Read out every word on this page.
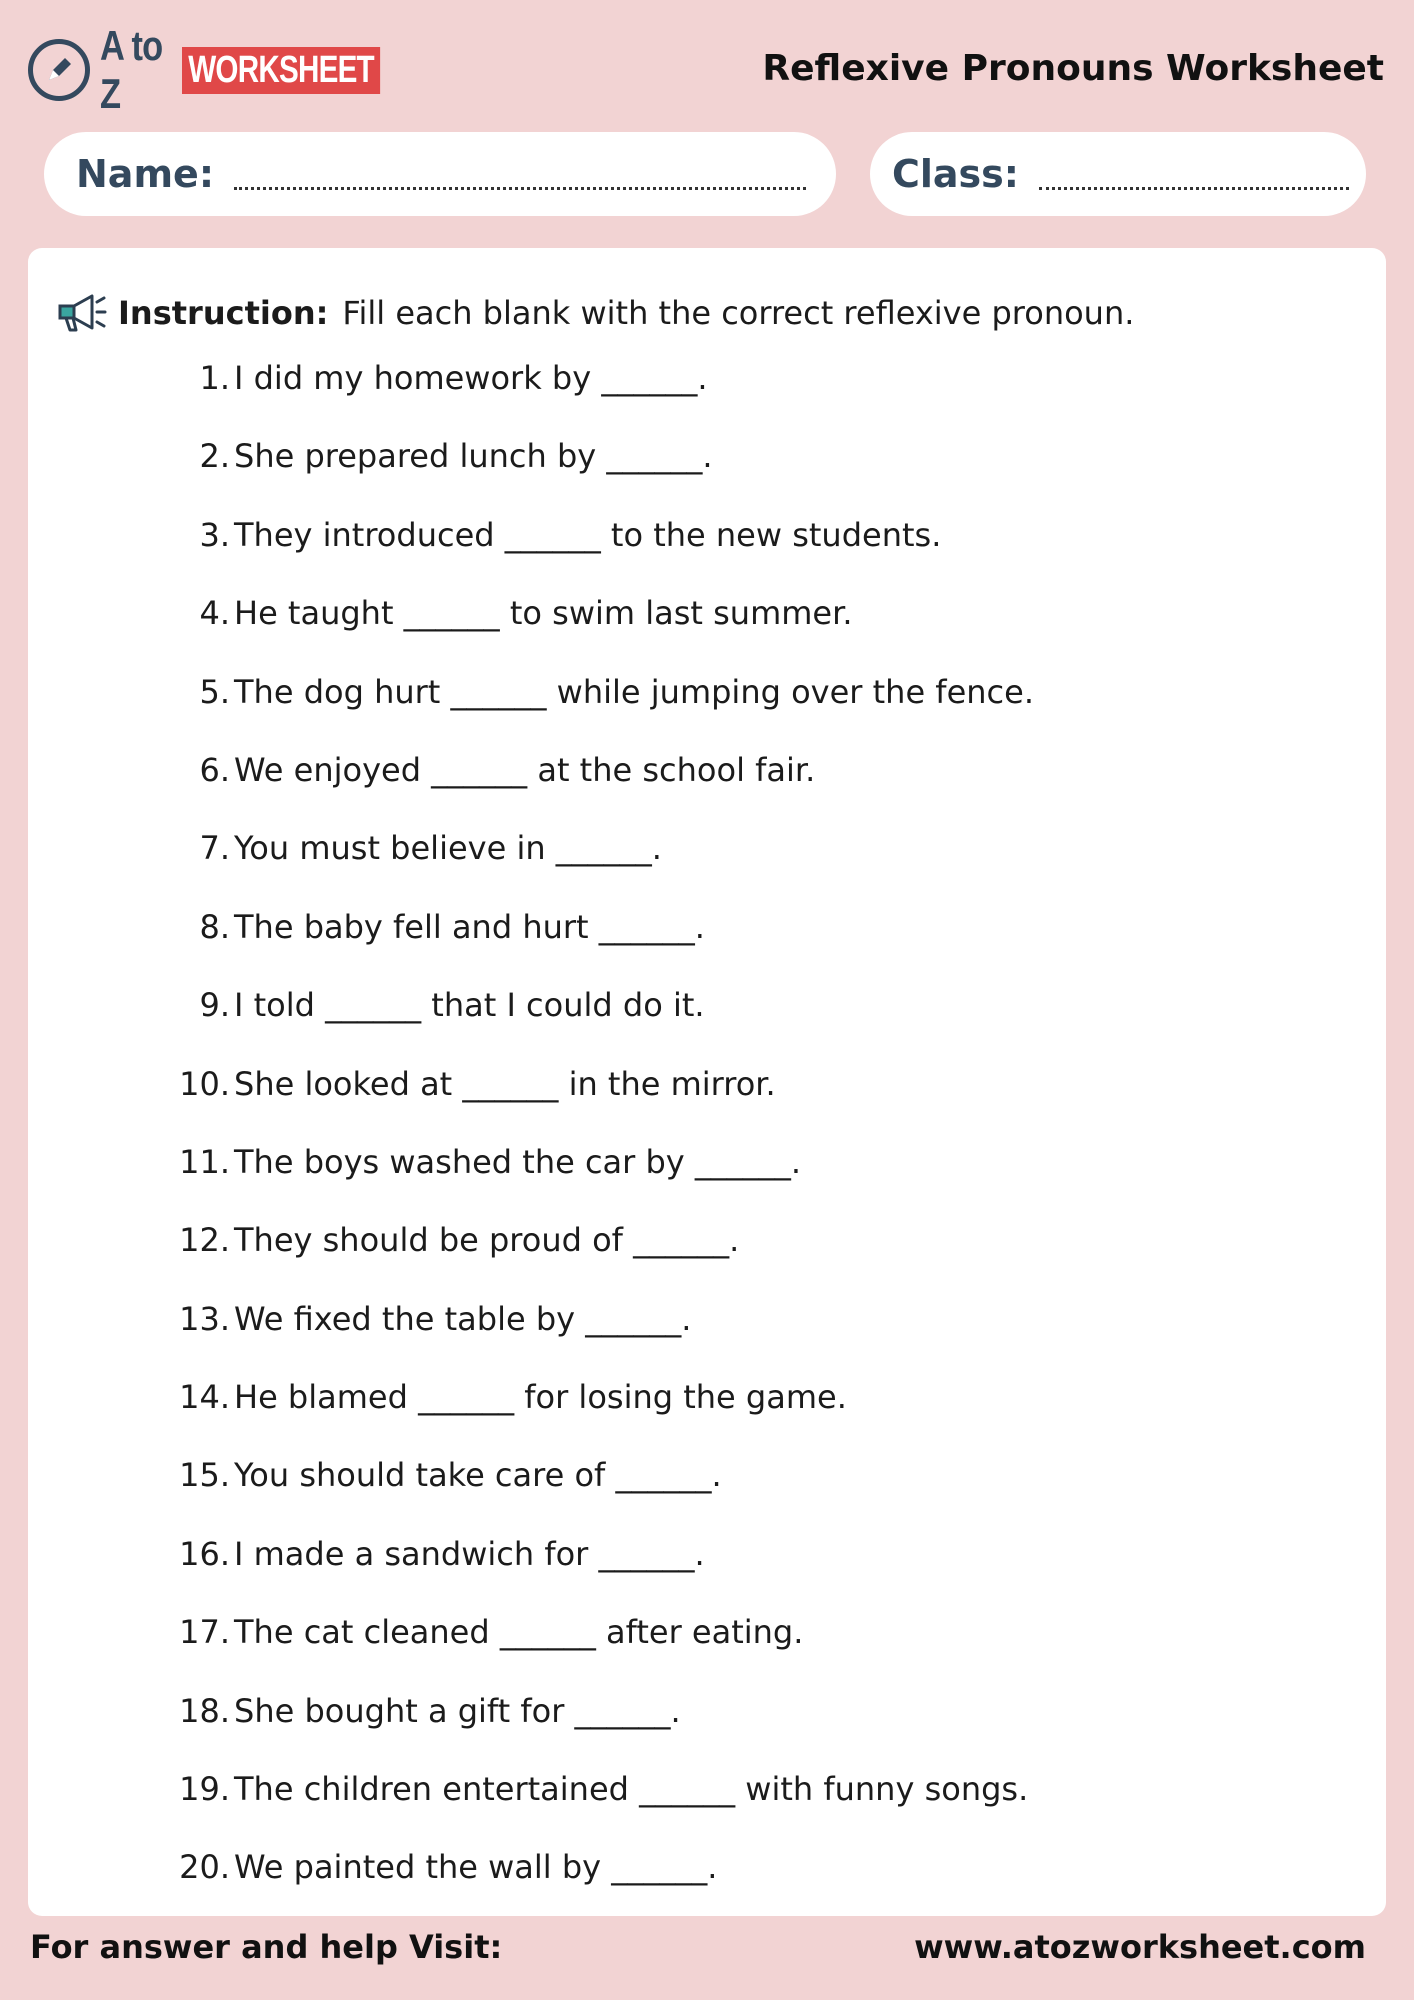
A to Z
WORKSHEET	Reflexive Pronouns Worksheet
Name:	Class:
Instruction: Fill each blank with the correct reflexive pronoun.
1. I did my homework by ______.
2. She prepared lunch by ______.
3. They introduced ______ to the new students.
4. He taught ______ to swim last summer.
5. The dog hurt ______ while jumping over the fence.
6. We enjoyed ______ at the school fair.
7. You must believe in ______.
8. The baby fell and hurt ______.
9. I told ______ that I could do it.
10. She looked at ______ in the mirror.
11. The boys washed the car by ______.
12. They should be proud of ______.
13. We fixed the table by ______.
14. He blamed ______ for losing the game.
15. You should take care of ______.
16. I made a sandwich for ______.
17. The cat cleaned ______ after eating.
18. She bought a gift for ______.
19. The children entertained ______ with funny songs.
20. We painted the wall by ______.
For answer and help Visit:	www.atozworksheet.com
